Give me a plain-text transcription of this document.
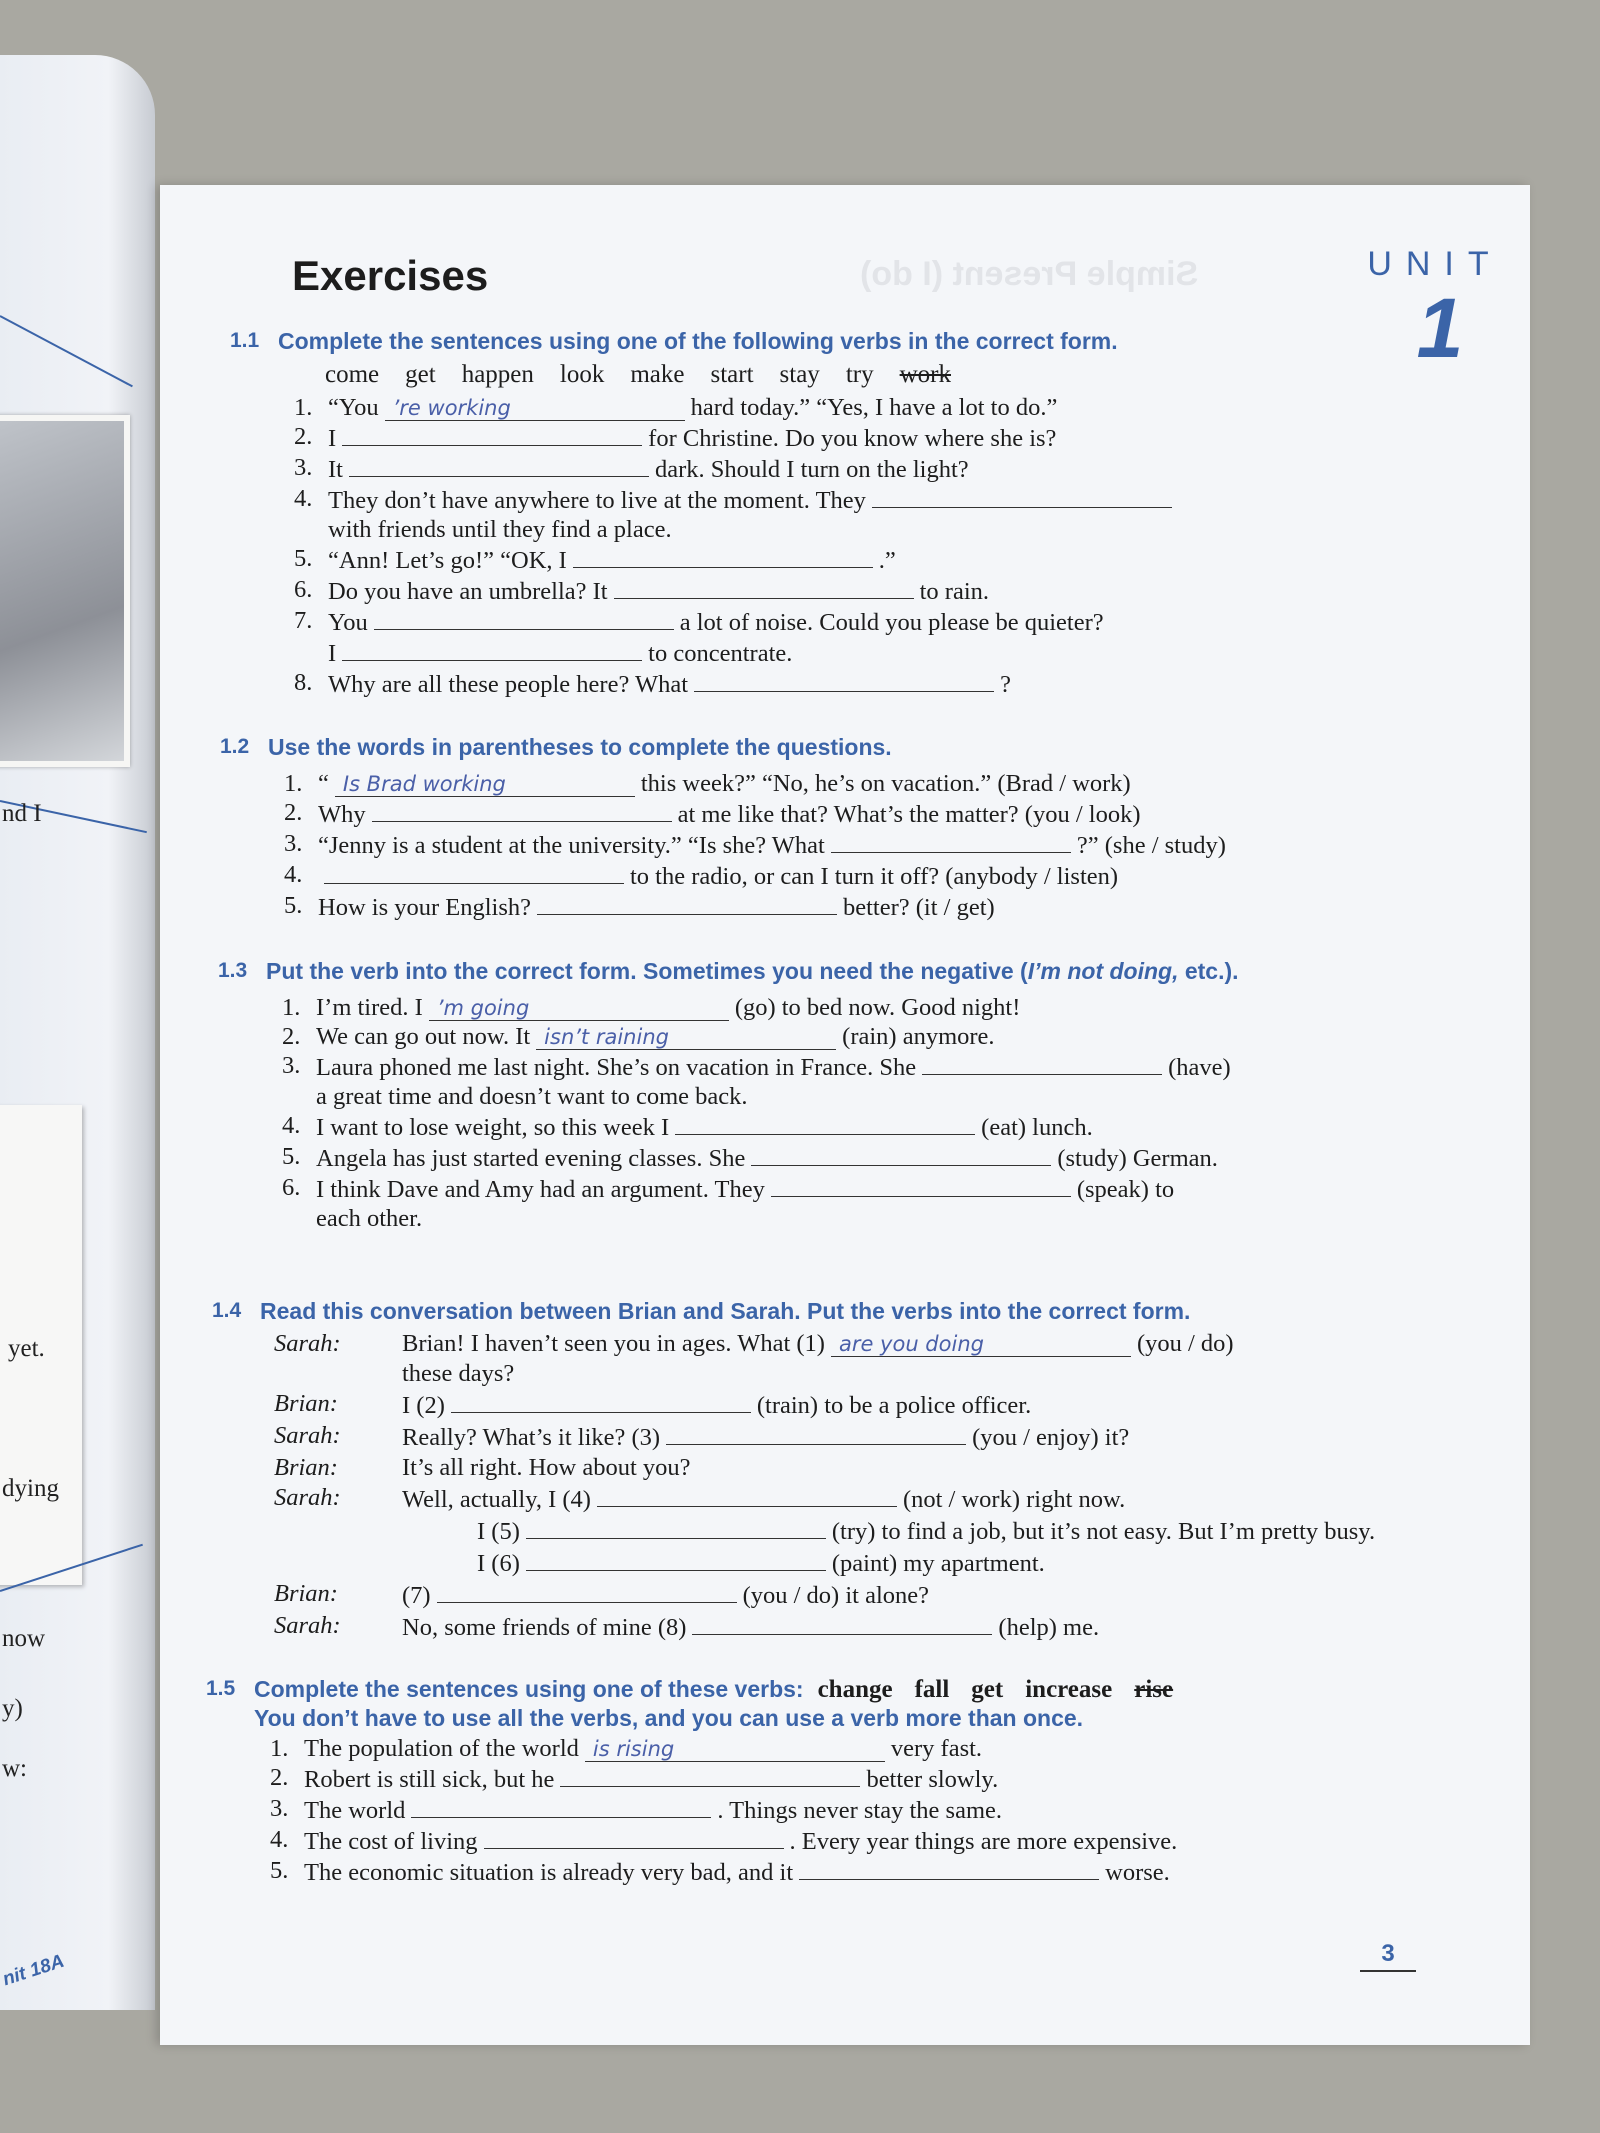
nd I
yet.
dying
now
y)
w:
nit 18A
Simple Present (I do)	UNIT
1
Exercises
1.1 Complete the sentences using one of the following verbs in the correct form.
come get happen look make start stay try work
1. “You ’re working	hard today.” “Yes, I have a lot to do.”
2. I	for Christine. Do you know where she is?
3. It	dark. Should I turn on the light?
4. They don’t have anywhere to live at the moment. They
with friends until they find a place.
5. “Ann! Let’s go!” “OK, I	.”
6. Do you have an umbrella? It	to rain.
7. You	a lot of noise. Could you please be quieter?
I	to concentrate.
8. Why are all these people here? What	?
1.2 Use the words in parentheses to complete the questions.
1. “ Is Brad working	this week?” “No, he’s on vacation.” (Brad / work)
2. Why	at me like that? What’s the matter? (you / look)
3. “Jenny is a student at the university.” “Is she? What	?” (she / study)
4.	to the radio, or can I turn it off? (anybody / listen)
5. How is your English?	better? (it / get)
1.3 Put the verb into the correct form. Sometimes you need the negative (I’m not doing, etc.).
1. I’m tired. I ’m going	(go) to bed now. Good night!
2. We can go out now. It isn’t raining	(rain) anymore.
3. Laura phoned me last night. She’s on vacation in France. She	(have)
a great time and doesn’t want to come back.
4. I want to lose weight, so this week I	(eat) lunch.
5. Angela has just started evening classes. She	(study) German.
6. I think Dave and Amy had an argument. They	(speak) to
each other.
1.4 Read this conversation between Brian and Sarah. Put the verbs into the correct form.
Sarah:	Brian! I haven’t seen you in ages. What (1) are you doing	(you / do)
these days?
Brian:	I (2)	(train) to be a police officer.
Sarah:	Really? What’s it like? (3)	(you / enjoy) it?
Brian:	It’s all right. How about you?
Sarah:	Well, actually, I (4)	(not / work) right now.
I (5)	(try) to find a job, but it’s not easy. But I’m pretty busy.
I (6)	(paint) my apartment.
Brian:	(7)	(you / do) it alone?
Sarah:	No, some friends of mine (8)	(help) me.
1.5 Complete the sentences using one of these verbs: change fall get increase rise
You don’t have to use all the verbs, and you can use a verb more than once.
1. The population of the world is rising	very fast.
2. Robert is still sick, but he	better slowly.
3. The world	. Things never stay the same.
4. The cost of living	. Every year things are more expensive.
5. The economic situation is already very bad, and it	worse.
3
